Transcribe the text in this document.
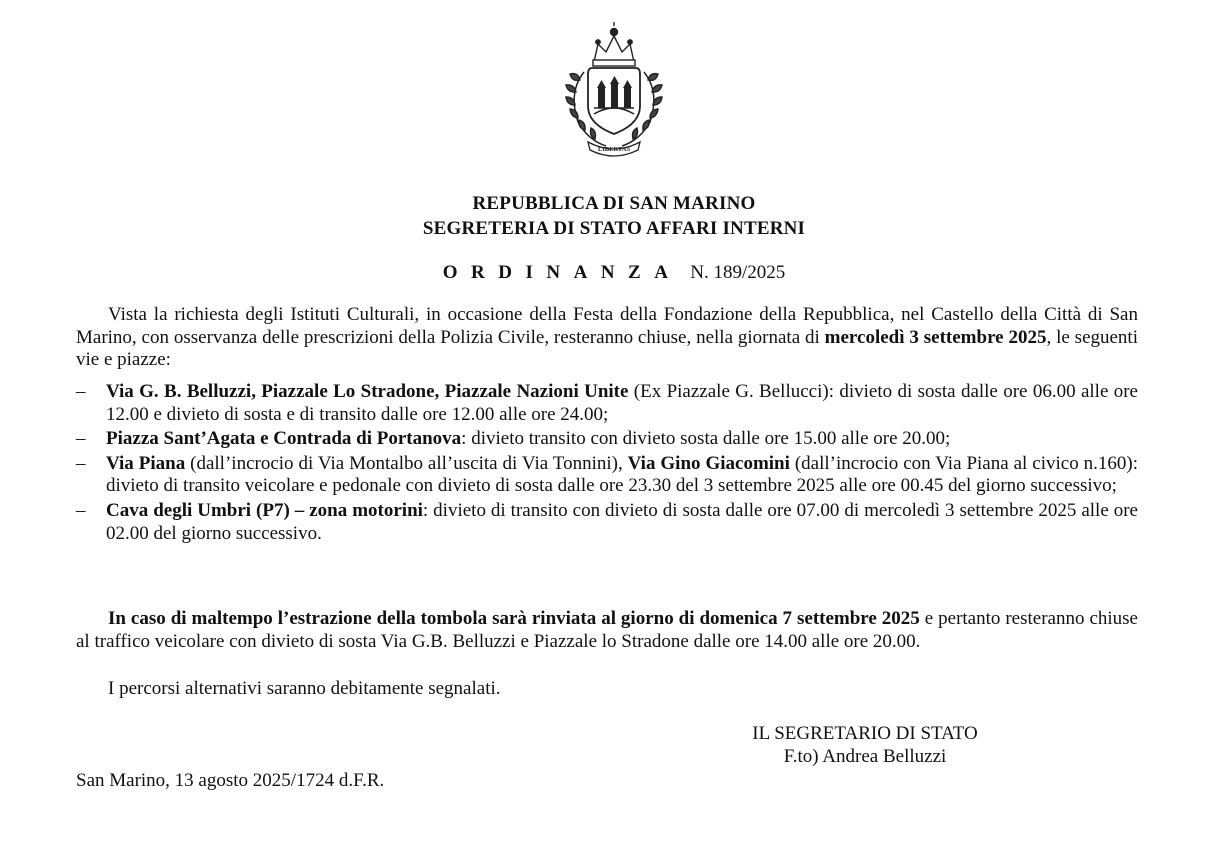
LIBERTAS
REPUBBLICA DI SAN MARINO
SEGRETERIA DI STATO AFFARI INTERNI
ORDINANZA N. 189/2025
Vista la richiesta degli Istituti Culturali, in occasione della Festa della Fondazione della Repubblica, nel Castello della Città di San Marino, con osservanza delle prescrizioni della Polizia Civile, resteranno chiuse, nella giornata di mercoledì 3 settembre 2025, le seguenti vie e piazze:
– Via G. B. Belluzzi, Piazzale Lo Stradone, Piazzale Nazioni Unite (Ex Piazzale G. Bellucci): divieto di sosta dalle ore 06.00 alle ore 12.00 e divieto di sosta e di transito dalle ore 12.00 alle ore 24.00;
– Piazza Sant’Agata e Contrada di Portanova: divieto transito con divieto sosta dalle ore 15.00 alle ore 20.00;
– Via Piana (dall’incrocio di Via Montalbo all’uscita di Via Tonnini), Via Gino Giacomini (dall’incrocio con Via Piana al civico n.160): divieto di transito veicolare e pedonale con divieto di sosta dalle ore 23.30 del 3 settembre 2025 alle ore 00.45 del giorno successivo;
– Cava degli Umbri (P7) – zona motorini: divieto di transito con divieto di sosta dalle ore 07.00 di mercoledì 3 settembre 2025 alle ore 02.00 del giorno successivo.
In caso di maltempo l’estrazione della tombola sarà rinviata al giorno di domenica 7 settembre 2025 e pertanto resteranno chiuse al traffico veicolare con divieto di sosta Via G.B. Belluzzi e Piazzale lo Stradone dalle ore 14.00 alle ore 20.00.
I percorsi alternativi saranno debitamente segnalati.
IL SEGRETARIO DI STATO
F.to) Andrea Belluzzi
San Marino, 13 agosto 2025/1724 d.F.R.
